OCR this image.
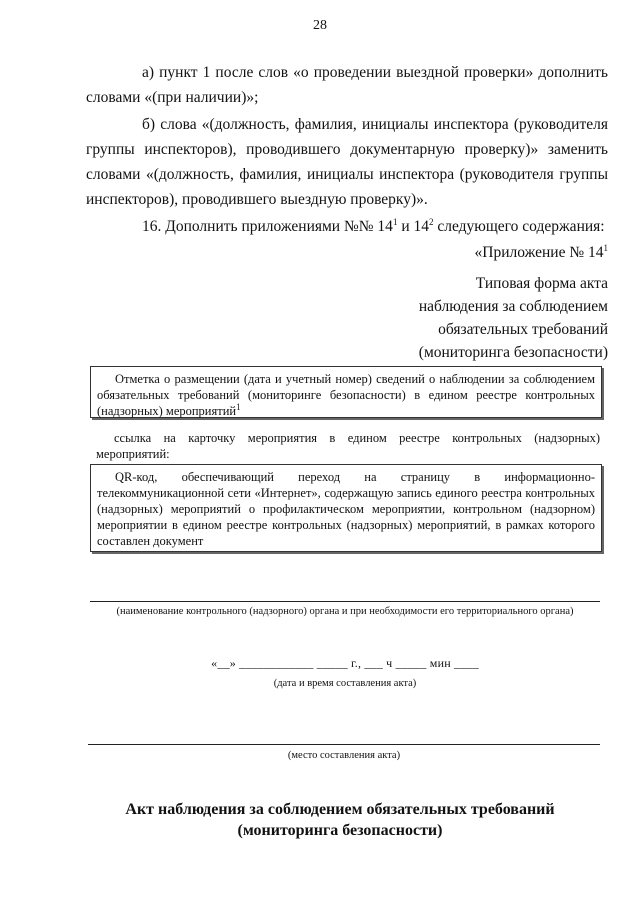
28
а) пункт 1 после слов «о проведении выездной проверки» дополнить
словами «(при наличии)»;
б) слова «(должность, фамилия, инициалы инспектора (руководителя
группы инспекторов), проводившего документарную проверку)» заменить
словами «(должность, фамилия, инициалы инспектора (руководителя группы
инспекторов), проводившего выездную проверку)».
16. Дополнить приложениями №№ $14^1$ и $14^2$ следующего содержания:
«Приложение № $14^1$
Типовая форма акта
наблюдения за соблюдением
обязательных требований
(мониторинга безопасности)
Отметка о размещении (дата и учетный номер) сведений о наблюдении за соблюдением обязательных требований (мониторинге безопасности) в едином реестре контрольных (надзорных) мероприятий$^1$
ссылка на карточку мероприятия в едином реестре контрольных (надзорных) мероприятий:
QR-код, обеспечивающий переход на страницу в информационно-телекоммуникационной сети «Интернет», содержащую запись единого реестра контрольных (надзорных) мероприятий о профилактическом мероприятии, контрольном (надзорном) мероприятии в едином реестре контрольных (надзорных) мероприятий, в рамках которого составлен документ
(наименование контрольного (надзорного) органа и при необходимости его территориального органа)
«__» ____________ _____ г., ___ ч _____ мин ____
(дата и время составления акта)
(место составления акта)
Акт наблюдения за соблюдением обязательных требований
(мониторинга безопасности)
